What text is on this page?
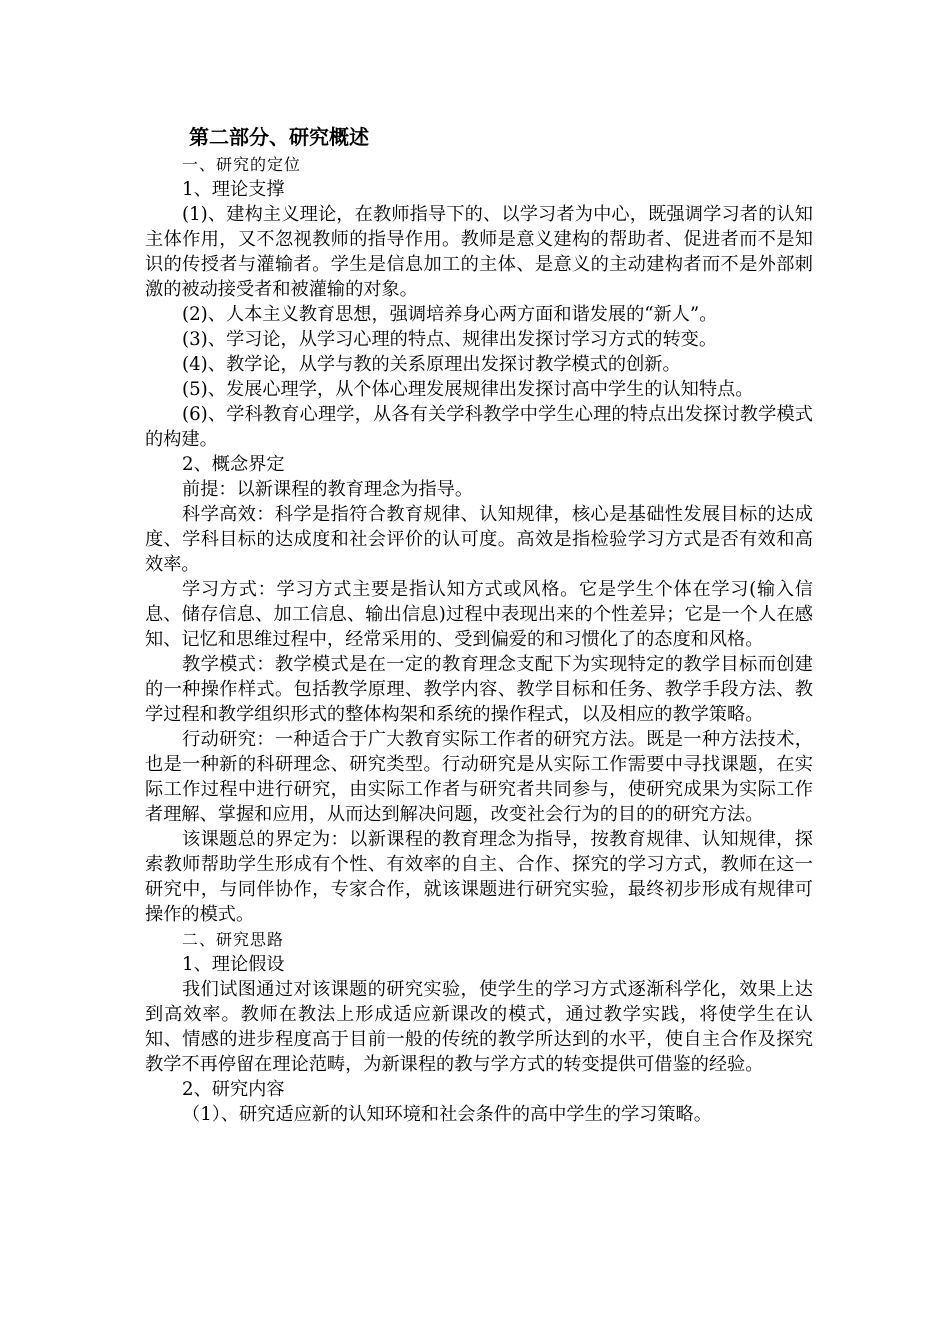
第二部分、研究概述

一、研究的定位

1、理论支撑

(1)、建构主义理论，在教师指导下的、以学习者为中心，既强调学习者的认知主体作用，又不忽视教师的指导作用。教师是意义建构的帮助者、促进者而不是知识的传授者与灌输者。学生是信息加工的主体、是意义的主动建构者而不是外部刺激的被动接受者和被灌输的对象。

(2)、人本主义教育思想，强调培养身心两方面和谐发展的“新人”。

(3)、学习论，从学习心理的特点、规律出发探讨学习方式的转变。

(4)、教学论，从学与教的关系原理出发探讨教学模式的创新。

(5)、发展心理学，从个体心理发展规律出发探讨高中学生的认知特点。

(6)、学科教育心理学，从各有关学科教学中学生心理的特点出发探讨教学模式的构建。

2、概念界定

前提：以新课程的教育理念为指导。

科学高效：科学是指符合教育规律、认知规律，核心是基础性发展目标的达成度、学科目标的达成度和社会评价的认可度。高效是指检验学习方式是否有效和高效率。

学习方式：学习方式主要是指认知方式或风格。它是学生个体在学习(输入信息、储存信息、加工信息、输出信息)过程中表现出来的个性差异；它是一个人在感知、记忆和思维过程中，经常采用的、受到偏爱的和习惯化了的态度和风格。

教学模式：教学模式是在一定的教育理念支配下为实现特定的教学目标而创建的一种操作样式。包括教学原理、教学内容、教学目标和任务、教学手段方法、教学过程和教学组织形式的整体构架和系统的操作程式，以及相应的教学策略。

行动研究：一种适合于广大教育实际工作者的研究方法。既是一种方法技术，也是一种新的科研理念、研究类型。行动研究是从实际工作需要中寻找课题，在实际工作过程中进行研究，由实际工作者与研究者共同参与，使研究成果为实际工作者理解、掌握和应用，从而达到解决问题，改变社会行为的目的的研究方法。

该课题总的界定为：以新课程的教育理念为指导，按教育规律、认知规律，探索教师帮助学生形成有个性、有效率的自主、合作、探究的学习方式，教师在这一研究中，与同伴协作，专家合作，就该课题进行研究实验，最终初步形成有规律可操作的模式。

二、研究思路

1、理论假设

我们试图通过对该课题的研究实验，使学生的学习方式逐渐科学化，效果上达到高效率。教师在教法上形成适应新课改的模式，通过教学实践，将使学生在认知、情感的进步程度高于目前一般的传统的教学所达到的水平，使自主合作及探究教学不再停留在理论范畴，为新课程的教与学方式的转变提供可借鉴的经验。

2、研究内容

（1）、研究适应新的认知环境和社会条件的高中学生的学习策略。
